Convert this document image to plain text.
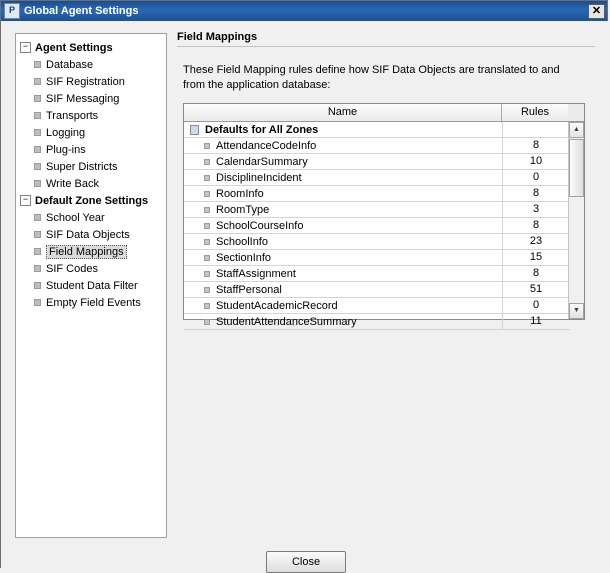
P Global Agent Settings	✕
− Agent Settings
Database
SIF Registration
SIF Messaging
Transports
Logging
Plug-ins
Super Districts
Write Back
− Default Zone Settings
School Year
SIF Data Objects
Field Mappings
SIF Codes
Student Data Filter
Empty Field Events
Field Mappings
These Field Mapping rules define how SIF Data Objects are translated to and from the application database:
Name	Rules
Defaults for All Zones
AttendanceCodeInfo	8
CalendarSummary	10
DisciplineIncident	0
RoomInfo	8
RoomType	3
SchoolCourseInfo	8
SchoolInfo	23
SectionInfo	15
StaffAssignment	8
StaffPersonal	51
StudentAcademicRecord	0
StudentAttendanceSummary	11
▲
▼
Close
